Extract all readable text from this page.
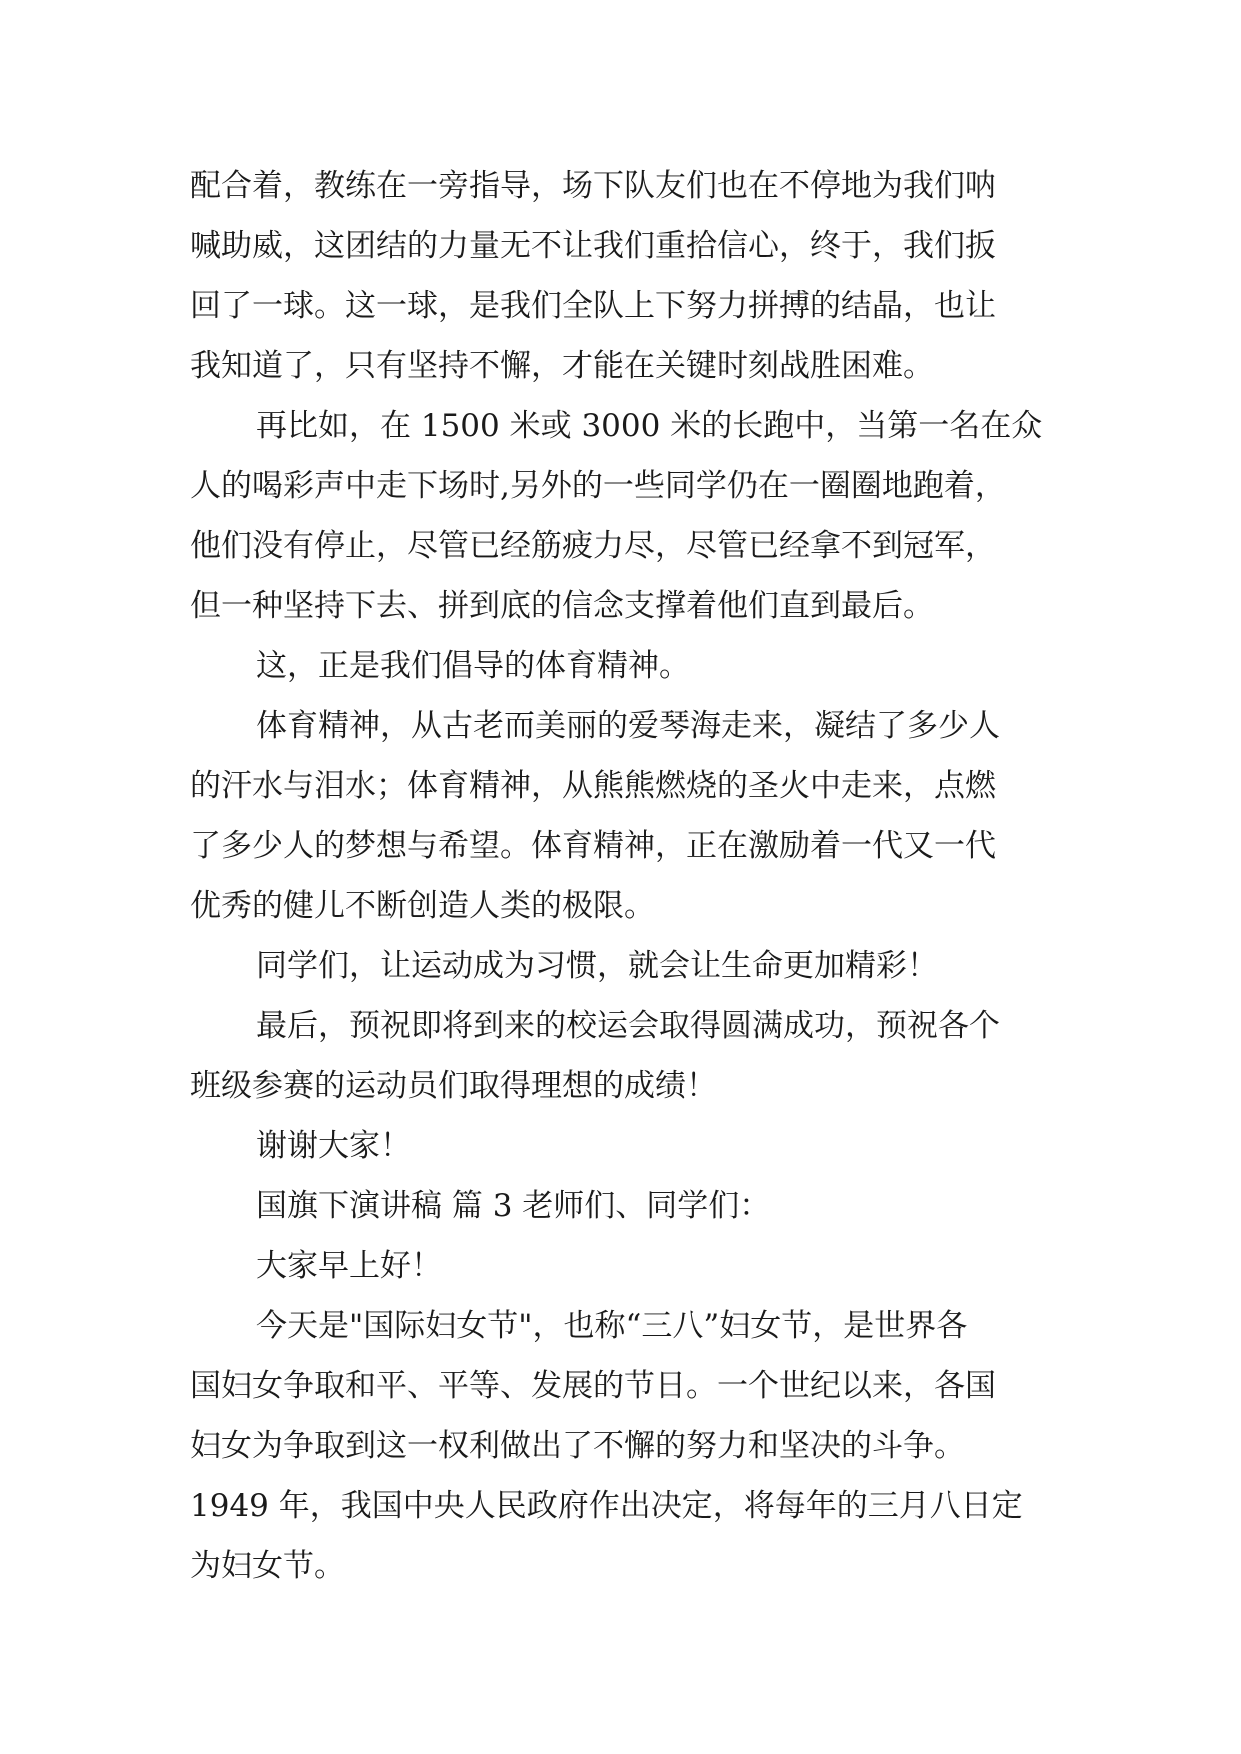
配合着，教练在一旁指导，场下队友们也在不停地为我们呐
喊助威，这团结的力量无不让我们重拾信心，终于，我们扳
回了一球。这一球，是我们全队上下努力拼搏的结晶，也让
我知道了，只有坚持不懈，才能在关键时刻战胜困难。
再比如，在 1500 米或 3000 米的长跑中，当第一名在众
人的喝彩声中走下场时,另外的一些同学仍在一圈圈地跑着，
他们没有停止，尽管已经筋疲力尽，尽管已经拿不到冠军，
但一种坚持下去、拼到底的信念支撑着他们直到最后。
这，正是我们倡导的体育精神。
体育精神，从古老而美丽的爱琴海走来，凝结了多少人
的汗水与泪水；体育精神，从熊熊燃烧的圣火中走来，点燃
了多少人的梦想与希望。体育精神，正在激励着一代又一代
优秀的健儿不断创造人类的极限。
同学们，让运动成为习惯，就会让生命更加精彩！
最后，预祝即将到来的校运会取得圆满成功，预祝各个
班级参赛的运动员们取得理想的成绩！
谢谢大家！
国旗下演讲稿 篇 3 老师们、同学们：
大家早上好！
今天是"国际妇女节"，也称“三八”妇女节，是世界各
国妇女争取和平、平等、发展的节日。一个世纪以来，各国
妇女为争取到这一权利做出了不懈的努力和坚决的斗争。
1949 年，我国中央人民政府作出决定，将每年的三月八日定
为妇女节。
